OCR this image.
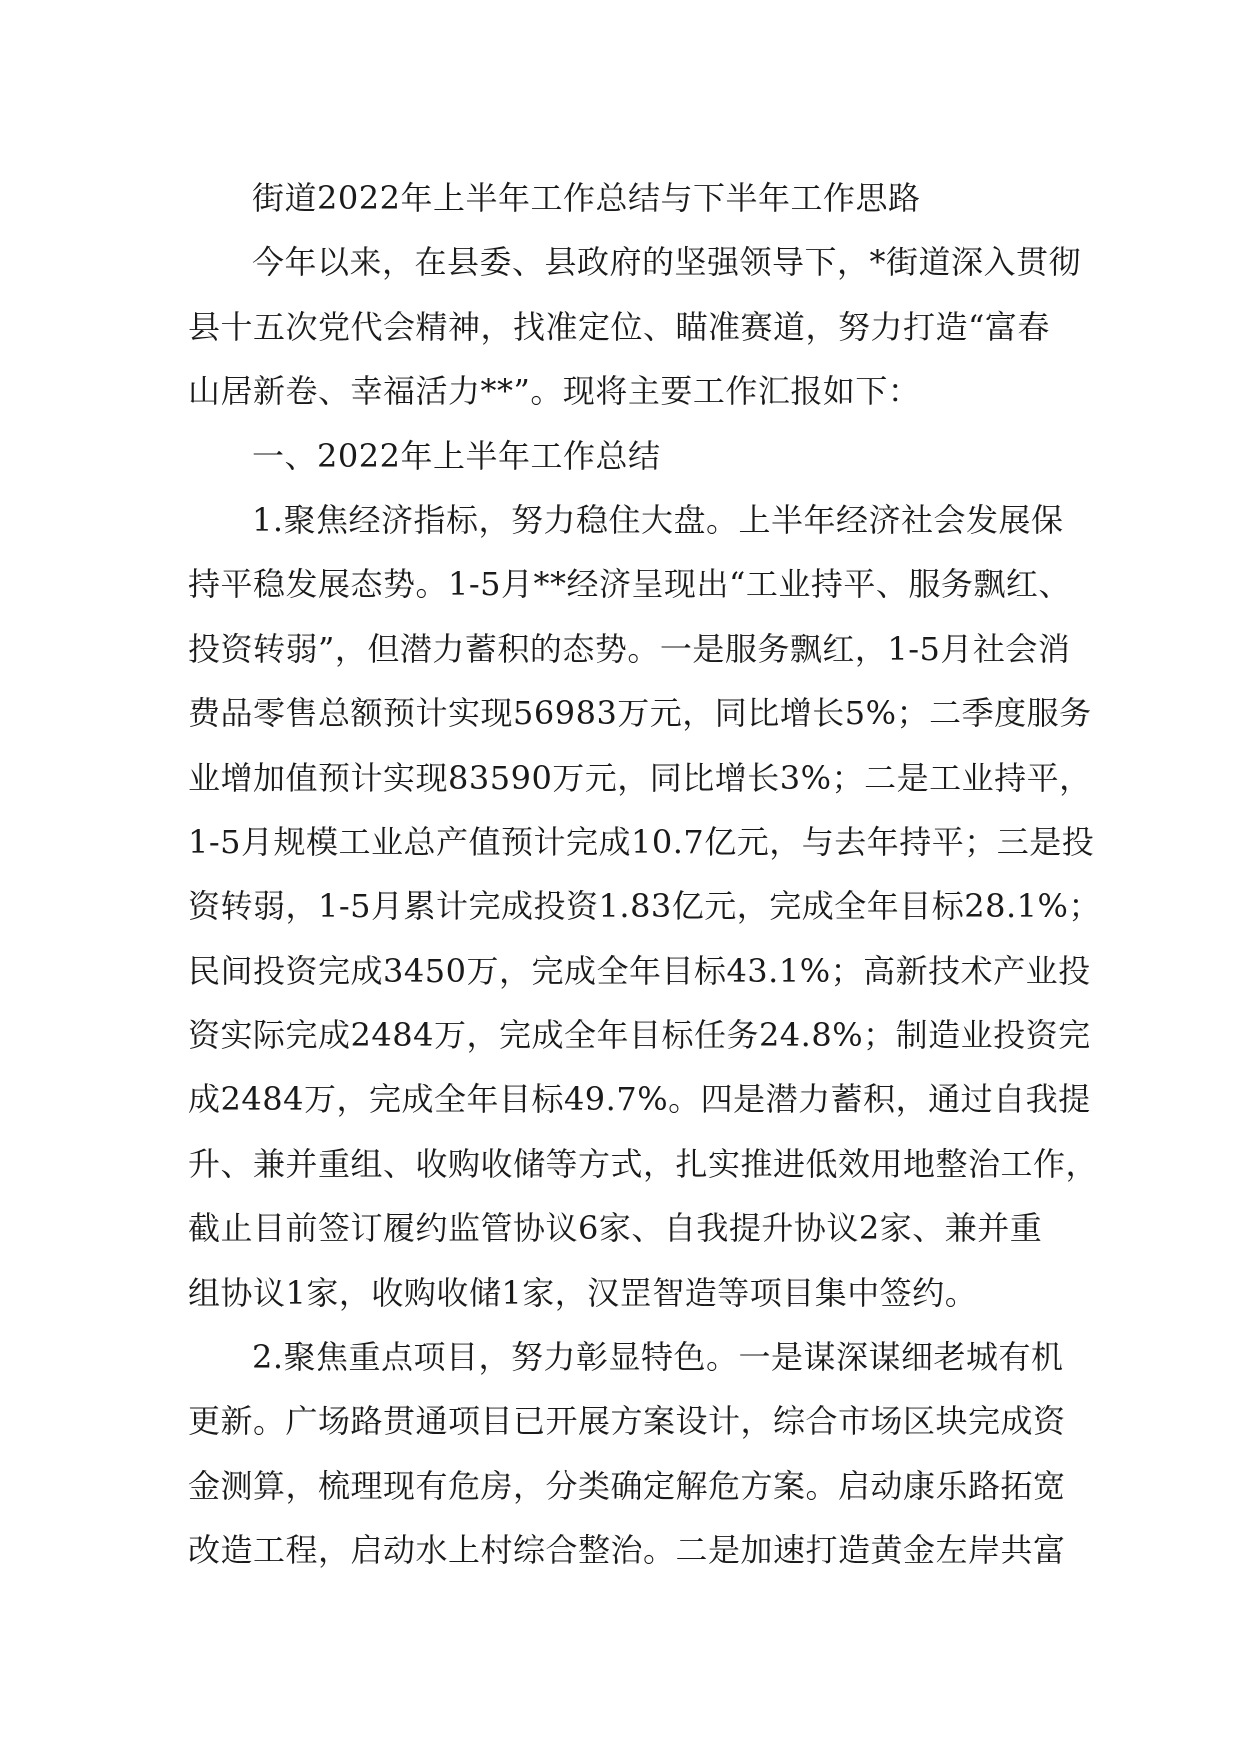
街道2022年上半年工作总结与下半年工作思路
今年以来，在县委、县政府的坚强领导下，*街道深入贯彻
县十五次党代会精神，找准定位、瞄准赛道，努力打造“富春
山居新卷、幸福活力**”。现将主要工作汇报如下：
一、2022年上半年工作总结
1.聚焦经济指标，努力稳住大盘。上半年经济社会发展保
持平稳发展态势。1-5月**经济呈现出“工业持平、服务飘红、
投资转弱”，但潜力蓄积的态势。一是服务飘红，1-5月社会消
费品零售总额预计实现56983万元，同比增长5%；二季度服务
业增加值预计实现83590万元，同比增长3%；二是工业持平，
1-5月规模工业总产值预计完成10.7亿元，与去年持平；三是投
资转弱，1-5月累计完成投资1.83亿元，完成全年目标28.1%；
民间投资完成3450万，完成全年目标43.1%；高新技术产业投
资实际完成2484万，完成全年目标任务24.8%；制造业投资完
成2484万，完成全年目标49.7%。四是潜力蓄积，通过自我提
升、兼并重组、收购收储等方式，扎实推进低效用地整治工作，
截止目前签订履约监管协议6家、自我提升协议2家、兼并重
组协议1家，收购收储1家，汉罡智造等项目集中签约。
2.聚焦重点项目，努力彰显特色。一是谋深谋细老城有机
更新。广场路贯通项目已开展方案设计，综合市场区块完成资
金测算，梳理现有危房，分类确定解危方案。启动康乐路拓宽
改造工程，启动水上村综合整治。二是加速打造黄金左岸共富
